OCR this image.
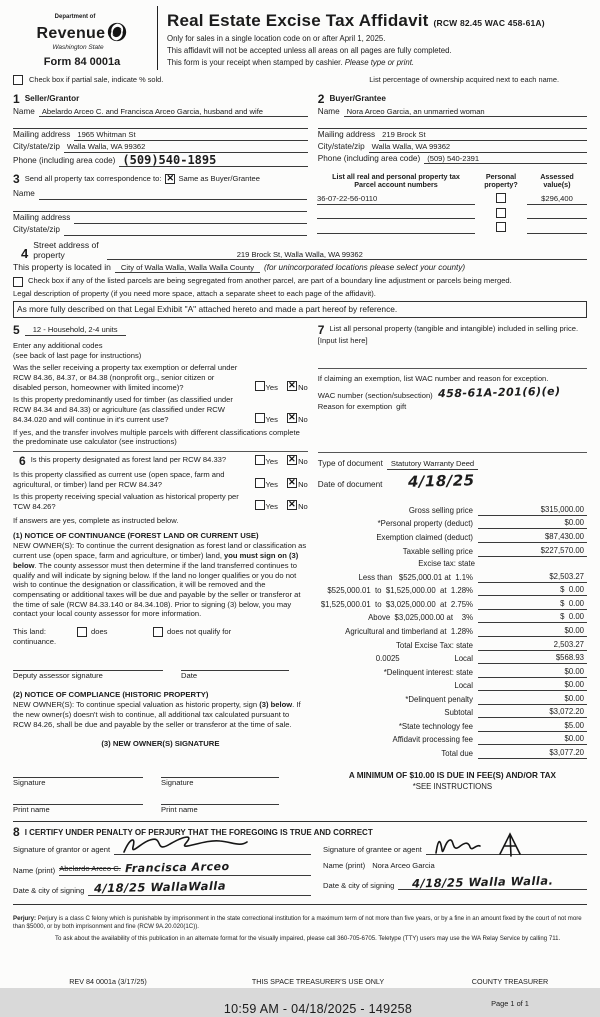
Department of
Revenue
Washington State
Form 84 0001a
Real Estate Excise Tax Affidavit (RCW 82.45 WAC 458-61A)
Only for sales in a single location code on or after April 1, 2025.
This affidavit will not be accepted unless all areas on all pages are fully completed.
This form is your receipt when stamped by cashier. Please type or print.
Check box if partial sale, indicate % sold.	List percentage of ownership acquired next to each name.
1 Seller/Grantor
Name Abelardo Arceo C. and Francisca Arceo Garcia, husband and wife
Mailing address 1965 Whitman St
City/state/zip Walla Walla, WA 99362
Phone (including area code) (509)540-1895
2 Buyer/Grantee
Name Nora Arceo Garcia, an unmarried woman
Mailing address 219 Brock St
City/state/zip Walla Walla, WA 99362
Phone (including area code) (509) 540-2391
3 Send all property tax correspondence to: ✕ Same as Buyer/Grantee
Name
Mailing address
City/state/zip
List all real and personal property tax
Parcel account numbers
Personal
property?
Assessed
value(s)
36-07-22-56-0110	$296,400
4
Street address of
property	219 Brock St, Walla Walla, WA 99362
This property is located in	City of Walla Walla, Walla Walla County	(for unincorporated locations please select your county)
Check box if any of the listed parcels are being segregated from another parcel, are part of a boundary line adjustment or parcels being merged.
Legal description of property (if you need more space, attach a separate sheet to each page of the affidavit).
As more fully described on that Legal Exhibit "A" attached hereto and made a part hereof by reference.
5	12 - Household, 2-4 units
Enter any additional codes
(see back of last page for instructions)
Was the seller receiving a property tax exemption or deferral under RCW 84.36, 84.37, or 84.38 (nonprofit org., senior citizen or disabled person, homeowner with limited income)?	Yes ✕	No
Is this property predominantly used for timber (as classified under RCW 84.34 and 84.33) or agriculture (as classified under RCW 84.34.020 and will continue in it's current use?	Yes ✕	No
If yes, and the transfer involves multiple parcels with different classifications complete the predominate use calculator (see instructions)
6 Is this property designated as forest land per RCW 84.33?	Yes ✕	No
Is this property classified as current use (open space, farm and agricultural, or timber) land per RCW 84.34?	Yes ✕	No
Is this property receiving special valuation as historical property per TCW 84.26?	Yes ✕	No
If answers are yes, complete as instructed below.
(1) NOTICE OF CONTINUANCE (FOREST LAND OR CURRENT USE)
NEW OWNER(S): To continue the current designation as forest land or classification as current use (open space, farm and agriculture, or timber) land, you must sign on (3) below. The county assessor must then determine if the land transferred continues to qualify and will indicate by signing below. If the land no longer qualifies or you do not wish to continue the designation or classification, it will be removed and the compensating or additional taxes will be due and payable by the seller or transferor at the time of sale (RCW 84.33.140 or 84.34.108). Prior to signing (3) below, you may contact your local county assessor for more information.
This land:	does	does not qualify for
continuance.
Deputy assessor signature	Date
(2) NOTICE OF COMPLIANCE (HISTORIC PROPERTY)
NEW OWNER(S): To continue special valuation as historic property, sign (3) below. If the new owner(s) doesn't wish to continue, all additional tax calculated pursuant to RCW 84.26, shall be due and payable by the seller or transferor at the time of sale.
(3) NEW OWNER(S) SIGNATURE
Signature	Signature
Print name	Print name
7 List all personal property (tangible and intangible) included in selling price.
[Input list here]
If claiming an exemption, list WAC number and reason for exception.
WAC number (section/subsection) 458-61A-201(6)(e)
Reason for exemption gift
Type of document	Statutory Warranty Deed
Date of document 4/18/25
Gross selling price	$315,000.00
*Personal property (deduct)	$0.00
Exemption claimed (deduct)	$87,430.00
Taxable selling price	$227,570.00
Excise tax: state
Less than   $525,000.01 at  1.1%	$2,503.27
$525,000.01  to  $1,525,000.00  at  1.28%	$  0.00
$1,525,000.01  to  $3,025,000.00  at  2.75%	$  0.00
Above  $3,025,000.00 at    3%	$  0.00
Agricultural and timberland at  1.28%	$0.00
Total Excise Tax: state	2,503.27
0.0025	Local	$568.93
*Delinquent interest: state	$0.00
Local	$0.00
*Delinquent penalty	$0.00
Subtotal	$3,072.20
*State technology fee	$5.00
Affidavit processing fee	$0.00
Total due	$3,077.20
A MINIMUM OF $10.00 IS DUE IN FEE(S) AND/OR TAX
*SEE INSTRUCTIONS
8 I CERTIFY UNDER PENALTY OF PERJURY THAT THE FOREGOING IS TRUE AND CORRECT
Signature of grantor or agent
Name (print) Abelardo Arceo C. Francisca Arceo
Date & city of signing 4/18/25 WallaWalla
Signature of grantee or agent
Name (print) Nora Arceo Garcia
Date & city of signing	4/18/25 Walla Walla.
Perjury: Perjury is a class C felony which is punishable by imprisonment in the state correctional institution for a maximum term of not more than five years, or by a fine in an amount fixed by the court of not more than $5000, or by both imprisonment and fine (RCW 9A.20.020(1C)).
To ask about the availability of this publication in an alternate format for the visually impaired, please call 360-705-6705. Teletype (TTY) users may use the WA Relay Service by calling 711.
REV 84 0001a (3/17/25)	THIS SPACE TREASURER'S USE ONLY
10:59 AM - 04/18/2025 - 149258
COUNTY TREASURER
Page 1 of 1
